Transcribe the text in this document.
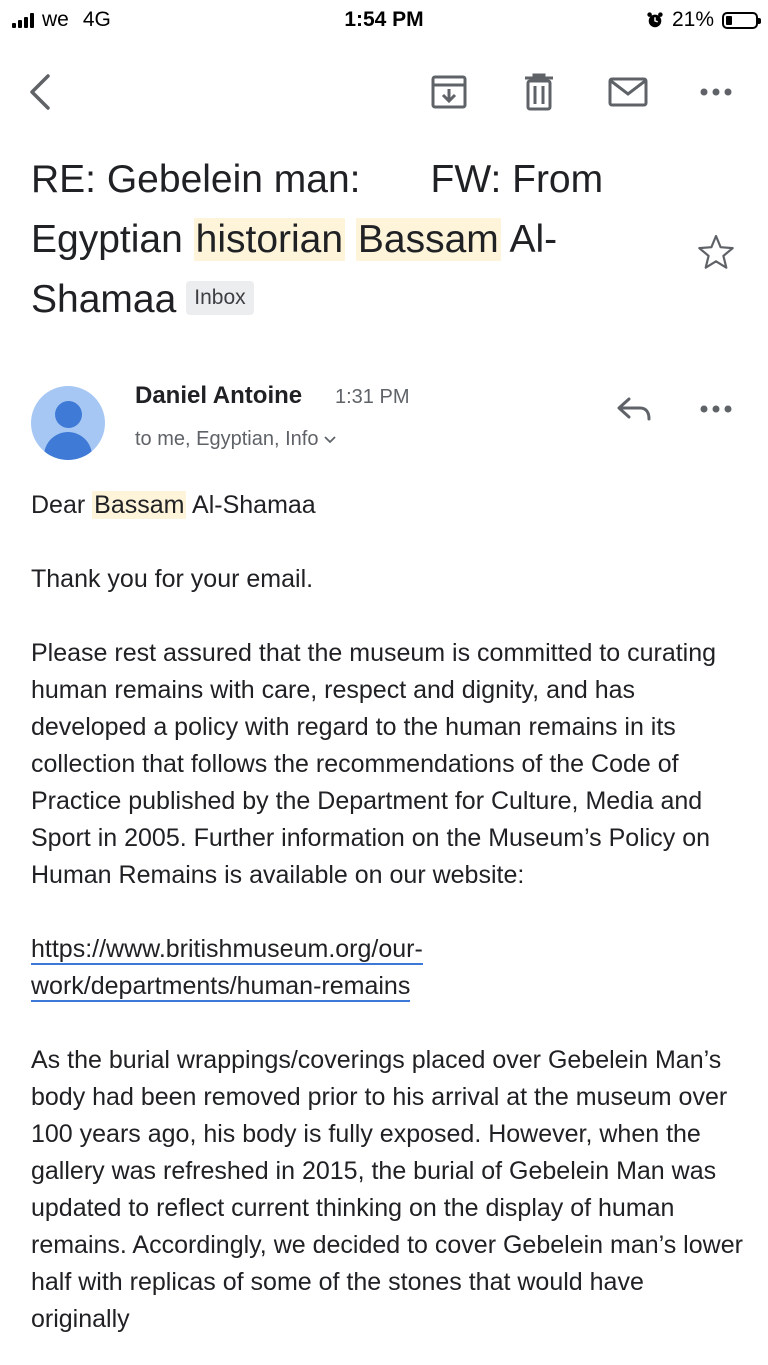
we 4G	1:54 PM	21%
RE: Gebelein man: FW: From
Egyptian historian Bassam Al-
Shamaa Inbox
Daniel Antoine 1:31 PM
to me, Egyptian, Info

Dear Bassam Al-Shamaa

Thank you for your email.

Please rest assured that the museum is committed to curating human remains with care, respect and dignity, and has developed a policy with regard to the human remains in its collection that follows the recommendations of the Code of Practice published by the Department for Culture, Media and Sport in 2005. Further information on the Museum’s Policy on Human Remains is available on our website:

https://www.britishmuseum.org/our-
work/departments/human-remains

As the burial wrappings/coverings placed over Gebelein Man’s body had been removed prior to his arrival at the museum over 100 years ago, his body is fully exposed. However, when the gallery was refreshed in 2015, the burial of Gebelein Man was updated to reflect current thinking on the display of human remains. Accordingly, we decided to cover Gebelein man’s lower half with replicas of some of the stones that would have originally
